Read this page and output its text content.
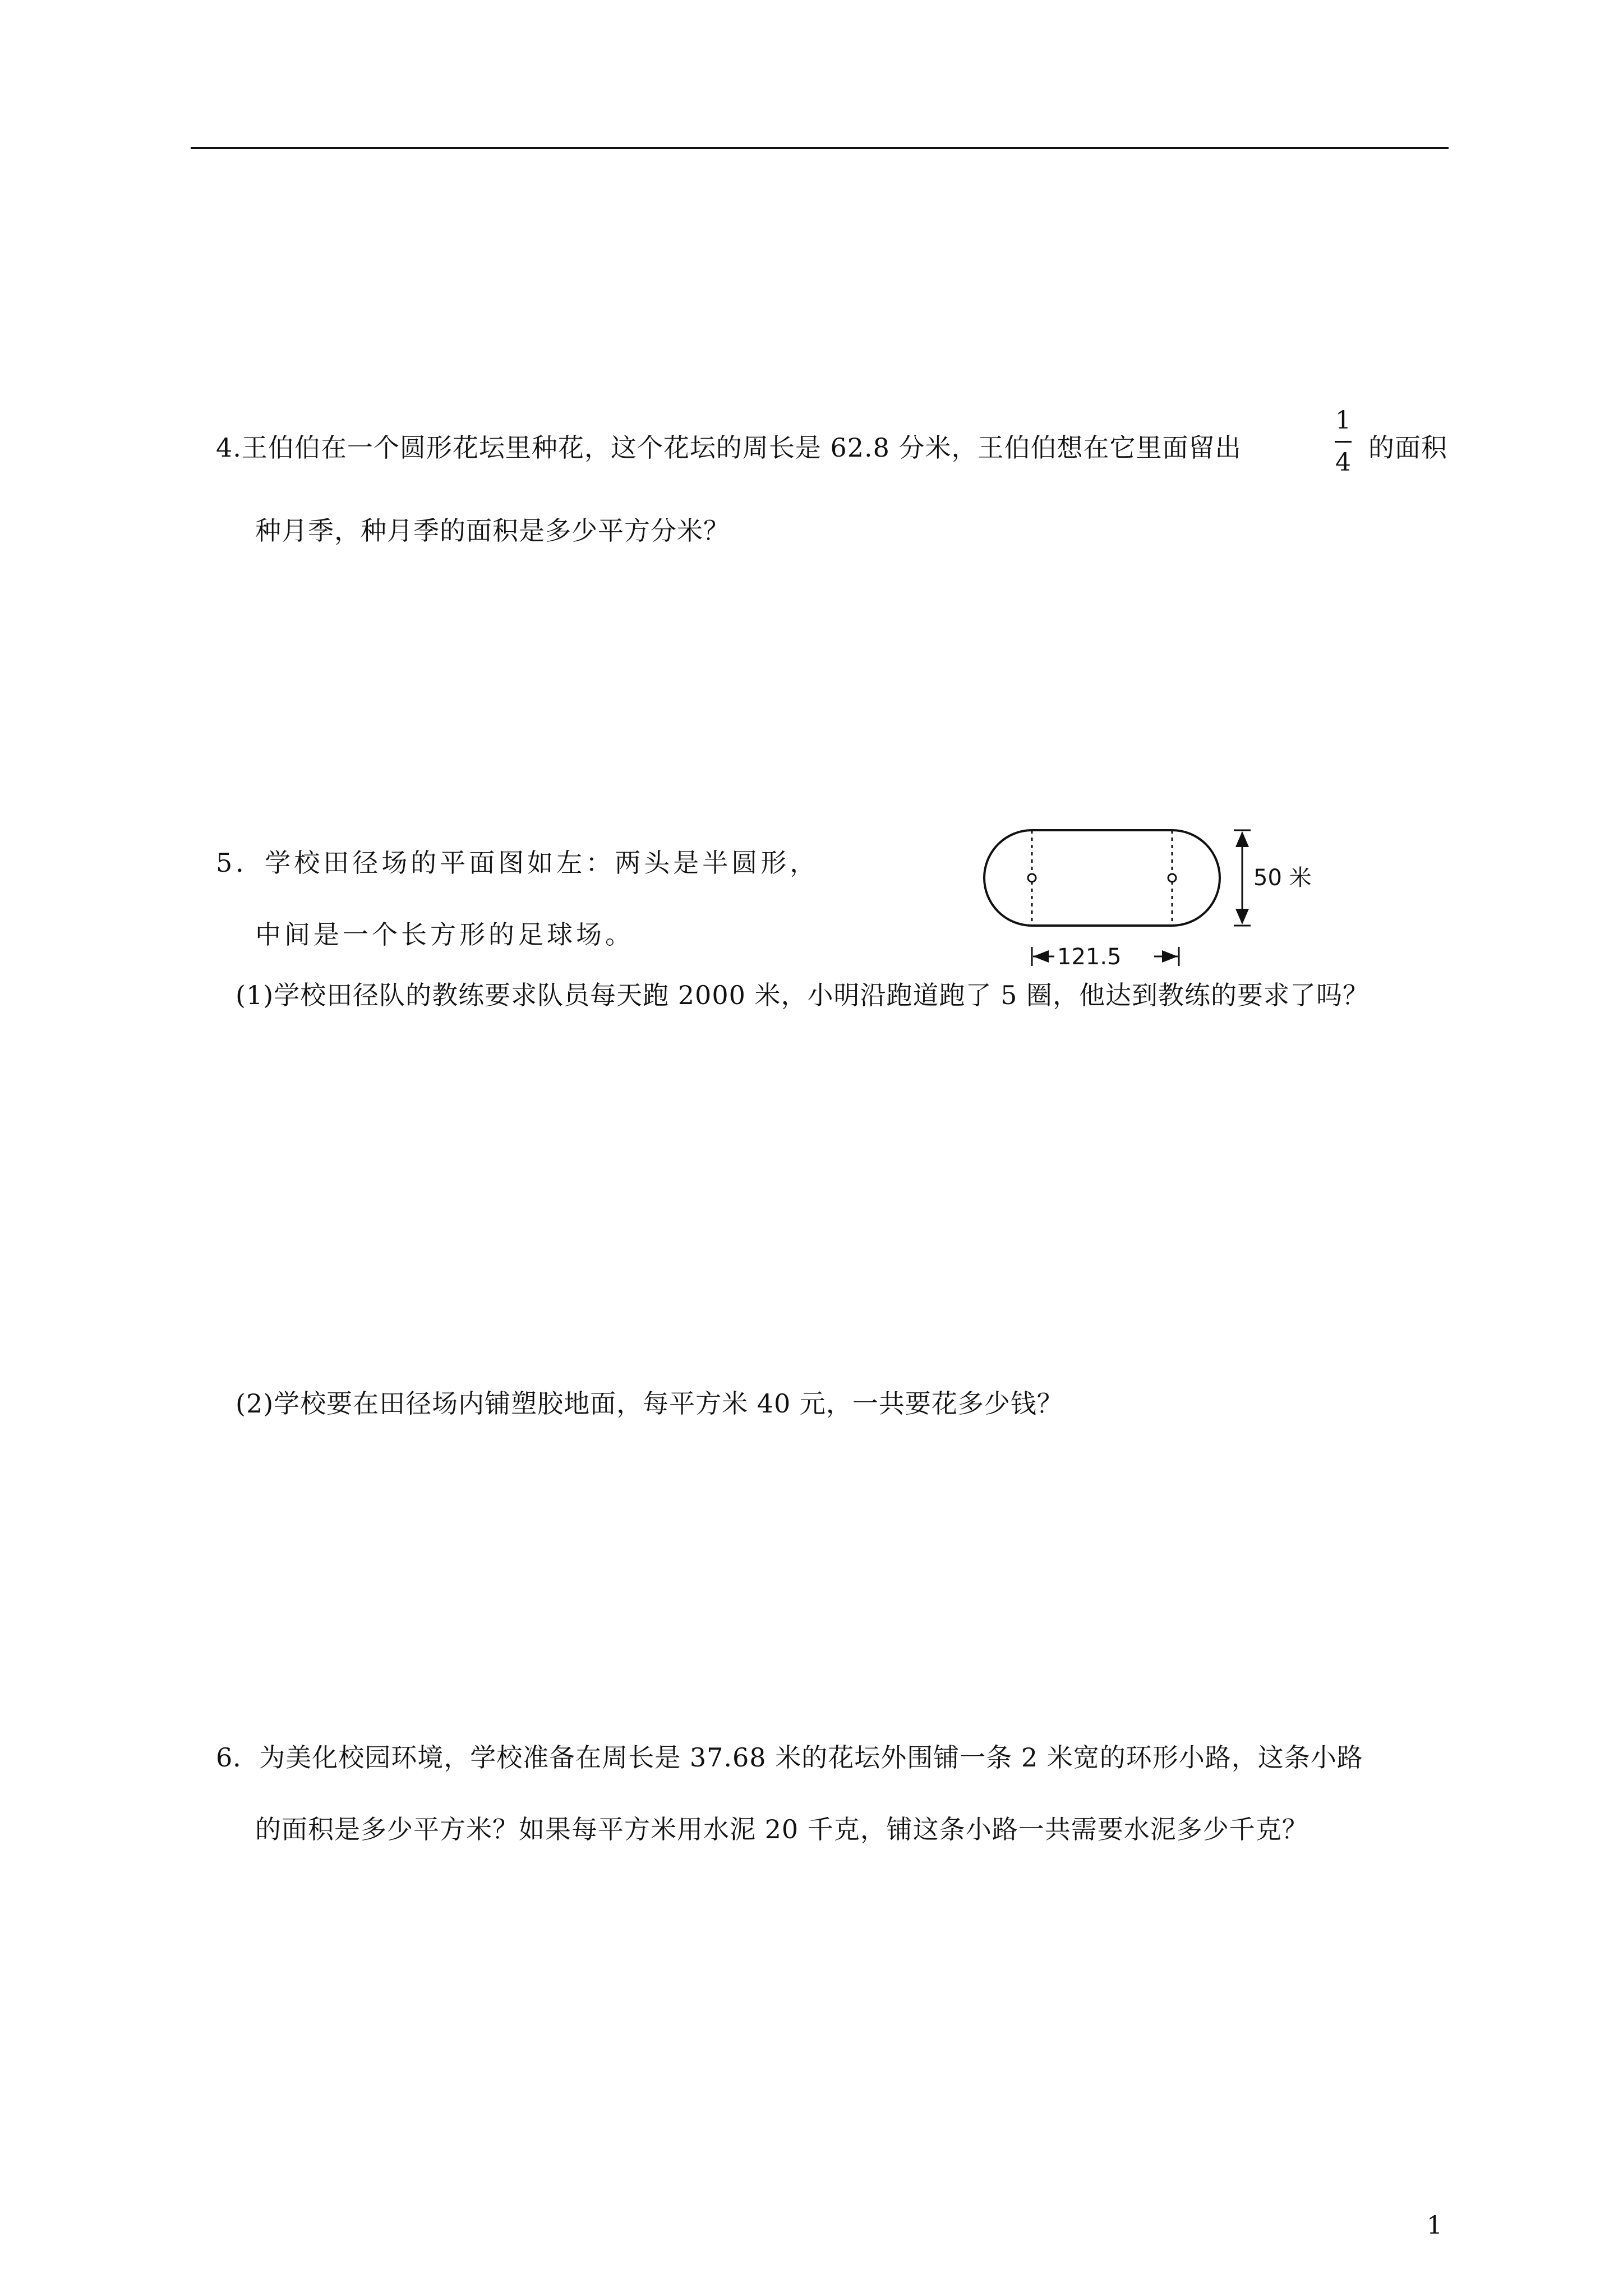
4.王伯伯在一个圆形花坛里种花，这个花坛的周长是 62.8 分米，王伯伯想在它里面留出
1
4 的面积
种月季，种月季的面积是多少平方分米？
5．学校田径场的平面图如左：两头是半圆形，
中间是一个长方形的足球场。
50 米
121.5
(1)学校田径队的教练要求队员每天跑 2000 米，小明沿跑道跑了 5 圈，他达到教练的要求了吗？
(2)学校要在田径场内铺塑胶地面，每平方米 40 元，一共要花多少钱？
6．为美化校园环境，学校准备在周长是 37.68 米的花坛外围铺一条 2 米宽的环形小路，这条小路
的面积是多少平方米？如果每平方米用水泥 20 千克，铺这条小路一共需要水泥多少千克？
1
